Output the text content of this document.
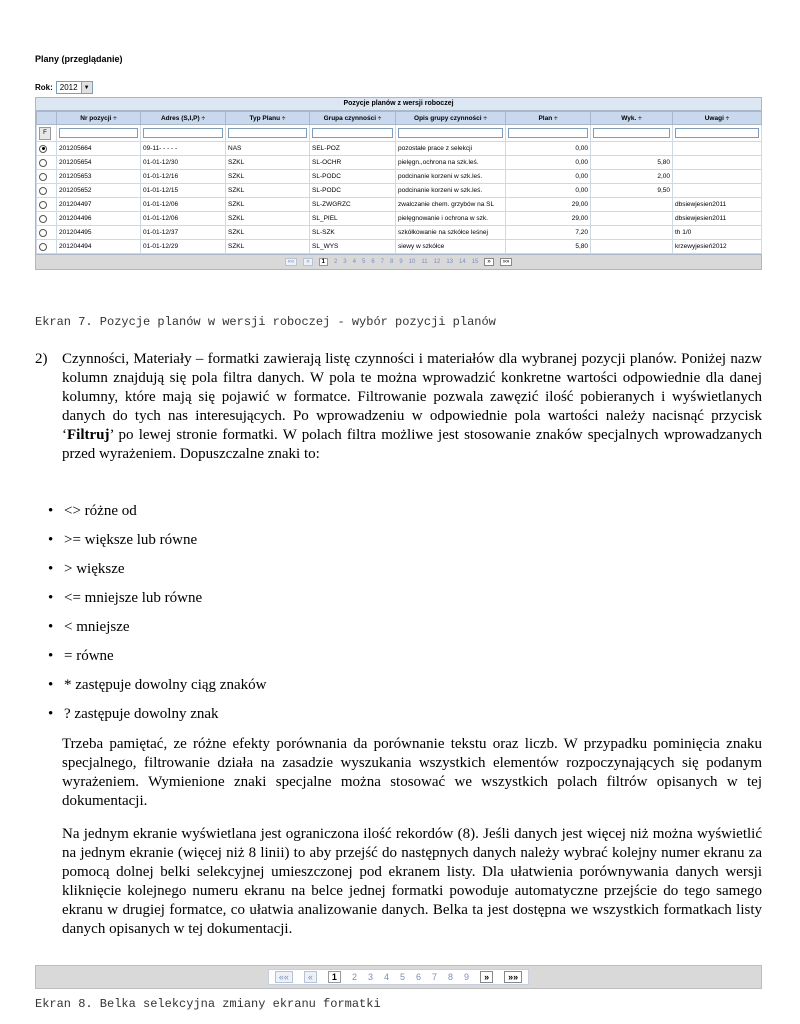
Plany (przeglądanie)
Rok: 2012	▼
Pozycje planów z wersji roboczej
	Nr pozycji ÷	Adres (S,I,P) ÷	Typ Planu ÷	Grupa czynności ÷	Opis grupy czynności ÷	Plan ÷	Wyk. ÷	Uwagi ÷

F								

	201205664	09-11- - - - -	NAS	SEL-POZ	pozostałe prace z selekcji	0,00		
	201205654	01-01-12/30	SZKL	SL-OCHR	pielęgn.,ochrona na szk.leś.	0,00	5,80	
	201205653	01-01-12/16	SZKL	SL-PODC	podcinanie korzeni w szk.leś.	0,00	2,00	
	201205652	01-01-12/15	SZKL	SL-PODC	podcinanie korzeni w szk.leś.	0,00	9,50	
	201204497	01-01-12/06	SZKL	SL-ZWGRZC	zwalczanie chem. grzybów na SL	29,00		dbsiewjesien2011
	201204496	01-01-12/06	SZKL	SL_PIEL	pielęgnowanie i ochrona w szk.	29,00		dbsiewjesien2011
	201204495	01-01-12/37	SZKL	SL-SZK	szkółkowanie na szkółce leśnej	7,20		th 1/0
	201204494	01-01-12/29	SZKL	SL_WYS	siewy w szkółce	5,80		krzewyjesień2012
««	«	1	2 3 4 5 6 7 8 9 10 11 12 13 14 15	»	»»
Ekran 7. Pozycje planów w wersji roboczej - wybór pozycji planów
2) Czynności, Materiały – formatki zawierają listę czynności i materiałów dla wybranej pozycji planów. Poniżej nazw kolumn znajdują się pola filtra danych. W pola te można wprowadzić konkretne wartości odpowiednie dla danej kolumny, które mają się pojawić w formatce. Filtrowanie pozwala zawęzić ilość pobieranych i wyświetlanych danych do tych nas interesujących. Po wprowadzeniu w odpowiednie pola wartości należy nacisnąć przycisk ‘Filtruj’ po lewej stronie formatki. W polach filtra możliwe jest stosowanie znaków specjalnych wprowadzanych przed wyrażeniem. Dopuszczalne znaki to:
• <> różne od
• >= większe lub równe
• > większe
• <= mniejsze lub równe
• < mniejsze
• = równe
• * zastępuje dowolny ciąg znaków
• ? zastępuje dowolny znak
Trzeba pamiętać, ze różne efekty porównania da porównanie tekstu oraz liczb. W przypadku pominięcia znaku specjalnego, filtrowanie działa na zasadzie wyszukania wszystkich elementów rozpoczynających się podanym wyrażeniem. Wymienione znaki specjalne można stosować we wszystkich polach filtrów opisanych w tej dokumentacji.
Na jednym ekranie wyświetlana jest ograniczona ilość rekordów (8). Jeśli danych jest więcej niż można wyświetlić na jednym ekranie (więcej niż 8 linii) to aby przejść do następnych danych należy wybrać kolejny numer ekranu za pomocą dolnej belki selekcyjnej umieszczonej pod ekranem listy. Dla ułatwienia porównywania danych wersji kliknięcie kolejnego numeru ekranu na belce jednej formatki powoduje automatyczne przejście do tego samego ekranu w drugiej formatce, co ułatwia analizowanie danych. Belka ta jest dostępna we wszystkich formatkach listy danych opisanych w tej dokumentacji.
««	«	1	2 3 4 5 6 7 8 9	»	»»
Ekran 8. Belka selekcyjna zmiany ekranu formatki
